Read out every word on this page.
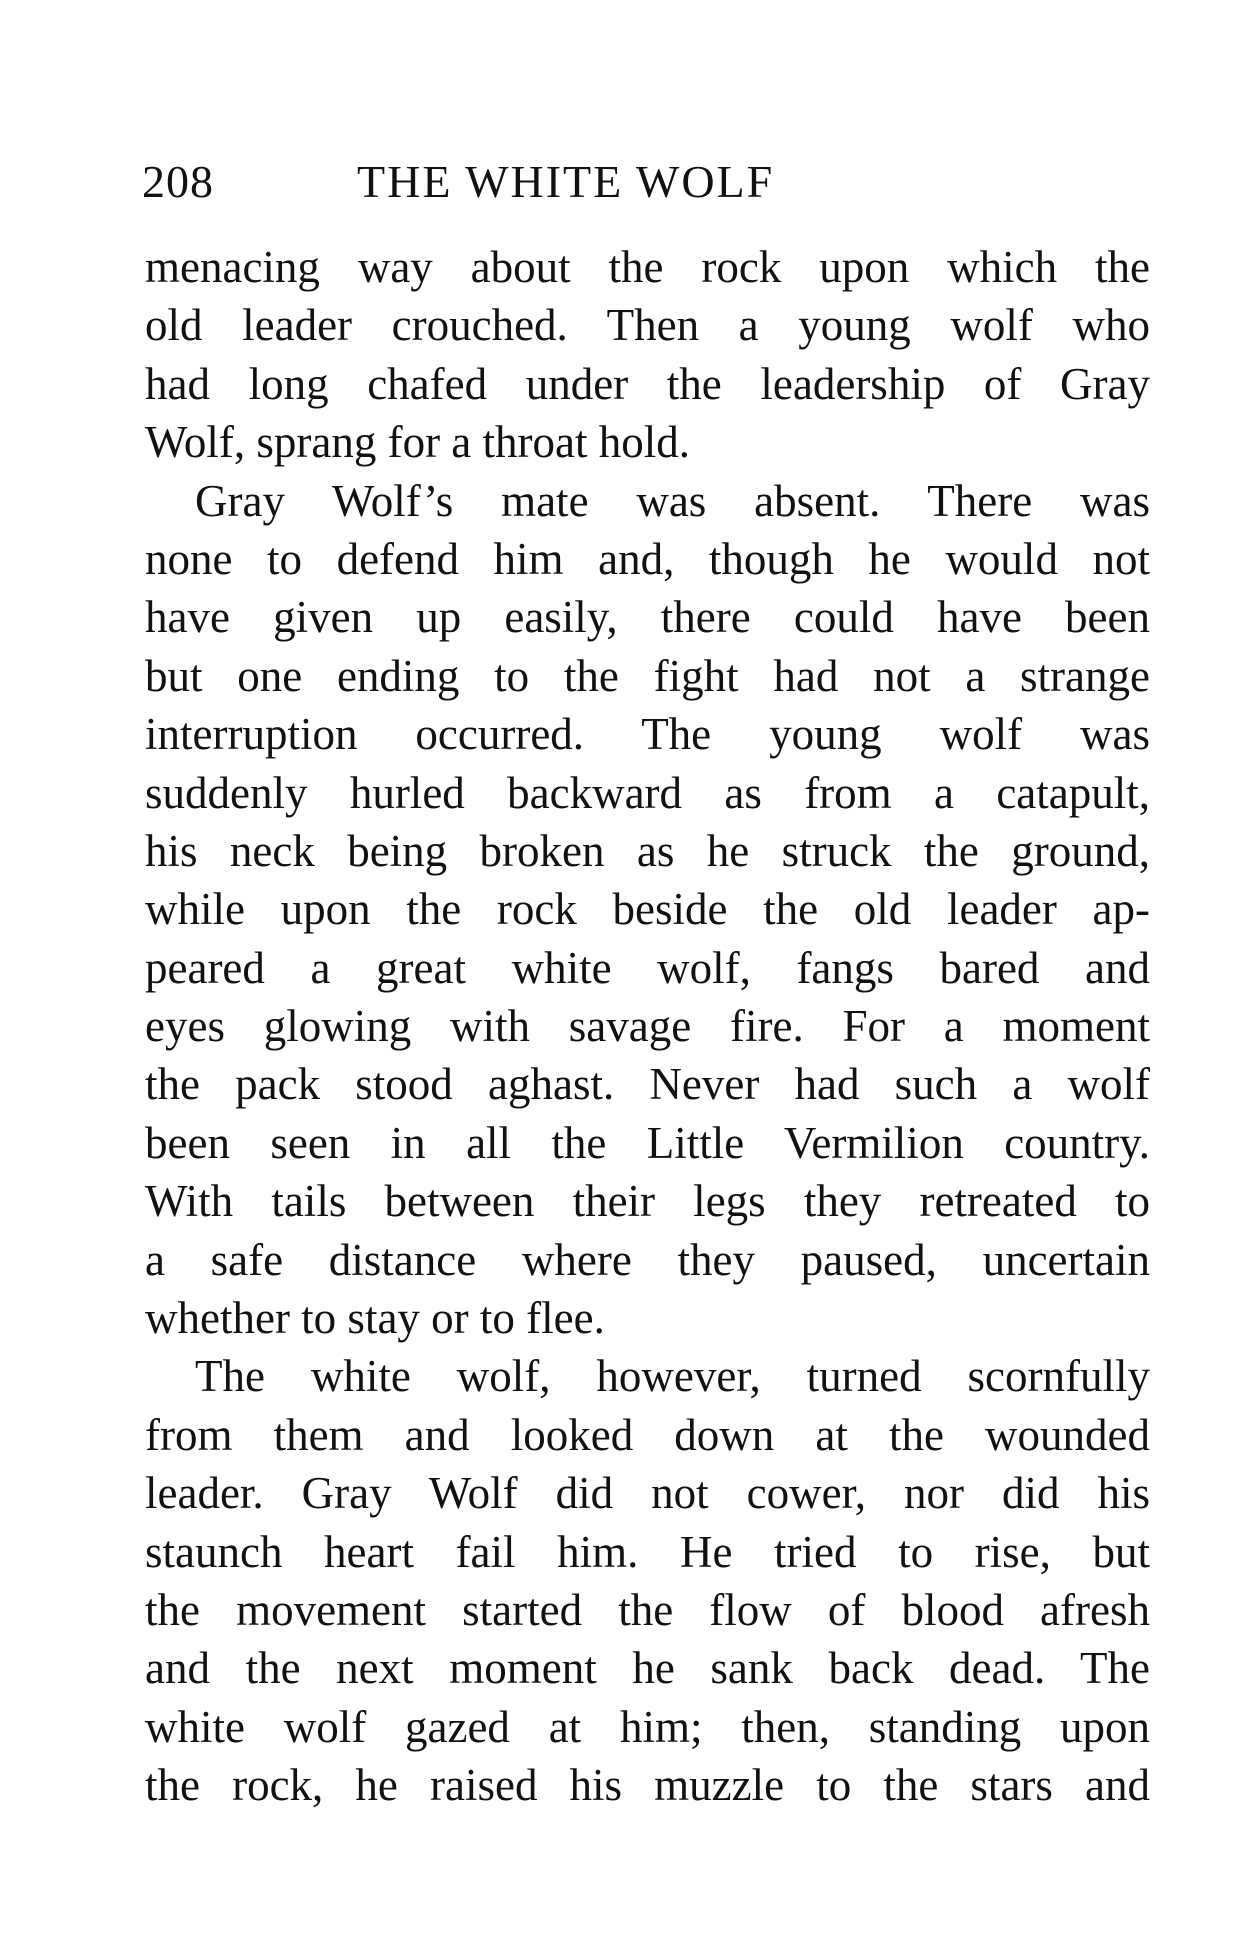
208	THE WHITE WOLF
menacing way about the rock upon which the
old leader crouched. Then a young wolf who
had long chafed under the leadership of Gray
Wolf, sprang for a throat hold.
Gray Wolf’s mate was absent. There was
none to defend him and, though he would not
have given up easily, there could have been
but one ending to the fight had not a strange
interruption occurred. The young wolf was
suddenly hurled backward as from a catapult,
his neck being broken as he struck the ground,
while upon the rock beside the old leader ap-
peared a great white wolf, fangs bared and
eyes glowing with savage fire. For a moment
the pack stood aghast. Never had such a wolf
been seen in all the Little Vermilion country.
With tails between their legs they retreated to
a safe distance where they paused, uncertain
whether to stay or to flee.
The white wolf, however, turned scornfully
from them and looked down at the wounded
leader. Gray Wolf did not cower, nor did his
staunch heart fail him. He tried to rise, but
the movement started the flow of blood afresh
and the next moment he sank back dead. The
white wolf gazed at him; then, standing upon
the rock, he raised his muzzle to the stars and
